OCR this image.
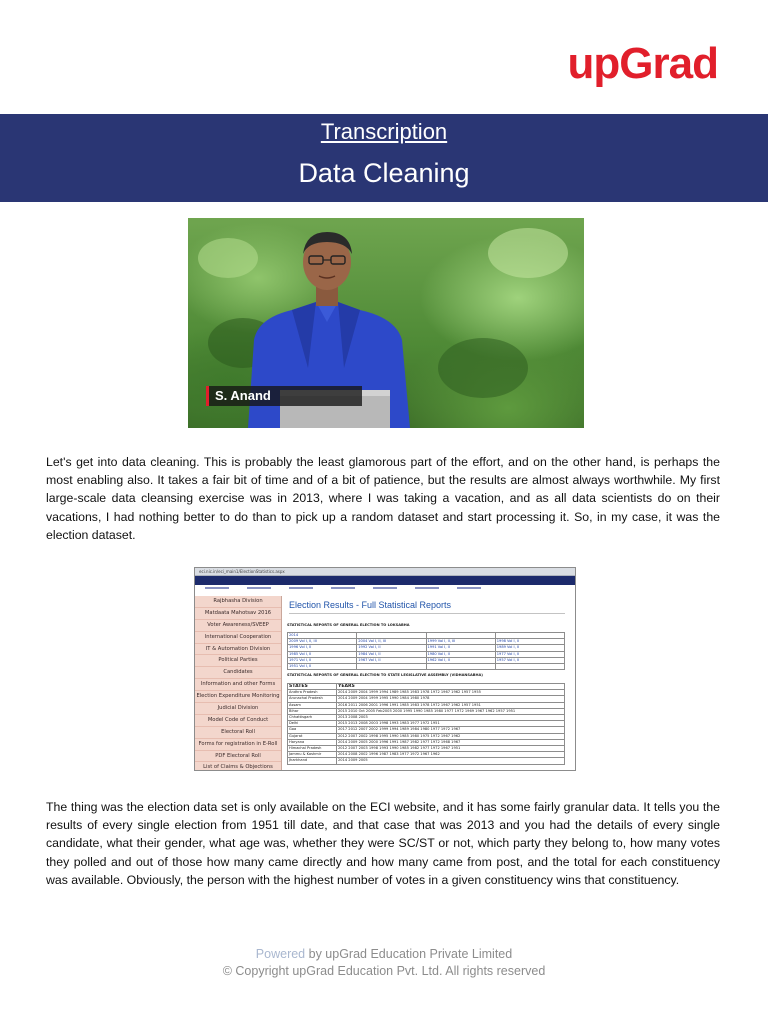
upGrad
Transcription
Data Cleaning
S. Anand

Let's get into data cleaning. This is probably the least glamorous part of the effort, and on the other hand, is perhaps the most enabling also. It takes a fair bit of time and of a bit of patience, but the results are almost always worthwhile. My first large-scale data cleansing exercise was in 2013, where I was taking a vacation, and as all data scientists do on their vacations, I had nothing better to do than to pick up a random dataset and start processing it. So, in my case, it was the election dataset.

eci.nic.in/eci_main1/ElectionStatistics.aspx
Rajbhasha Division
Matdaata Mahotsav 2016
Voter Awareness/SVEEP
International Cooperation
IT & Automation Division
Political Parties
Candidates
Information and other Forms
Election Expenditure Monitoring
Judicial Division
Model Code of Conduct
Electoral Roll
Forms for registration in E-Roll
PDF Electoral Roll
List of Claims & Objections
Election Results - Full Statistical Reports
STATISTICAL REPORTS OF GENERAL ELECTION TO LOKSABHA
2014			
2009 Vol I, II, III	2004 Vol I, II, III	1999 Vol I, II, III	1998 Vol I, II
1996 Vol I, II	1992 Vol I, II	1991 Vol I, II	1989 Vol I, II
1985 Vol I, II	1984 Vol I, II	1980 Vol I, II	1977 Vol I, II
1971 Vol I, II	1967 Vol I, II	1962 Vol I, II	1957 Vol I, II
1951 Vol I, II			
STATISTICAL REPORTS OF GENERAL ELECTION TO STATE LEGISLATIVE ASSEMBLY (VIDHANSABHA)
STATES	YEARS
Andhra Pradesh	2014 2009 2004 1999 1994 1989 1985 1983 1978 1972 1967 1962 1957 1955
Arunachal Pradesh	2014 2009 2004 1999 1995 1990 1984 1980 1978
Assam	2016 2011 2006 2001 1996 1991 1985 1983 1978 1972 1967 1962 1957 1951
Bihar	2015 2010 Oct 2005 Feb2005 2000 1995 1990 1985 1980 1977 1972 1969 1967 1962 1957 1951
Chhattisgarh	2013 2008 2003
Delhi	2015 2013 2008 2003 1998 1993 1983 1977 1972 1951
Goa	2017 2012 2007 2002 1999 1994 1989 1984 1980 1977 1972 1967
Gujarat	2012 2007 2002 1998 1995 1990 1985 1980 1975 1972 1967 1962
Haryana	2014 2009 2005 2000 1996 1991 1987 1982 1977 1972 1968 1967
Himachal Pradesh	2012 2007 2003 1998 1993 1990 1985 1982 1977 1972 1967 1951
Jammu & Kashmir	2014 2008 2002 1996 1987 1983 1977 1972 1967 1962
Jharkhand	2014 2009 2005

The thing was the election data set is only available on the ECI website, and it has some fairly granular data. It tells you the results of every single election from 1951 till date, and that case that was 2013 and you had the details of every single candidate, what their gender, what age was, whether they were SC/ST or not, which party they belong to, how many votes they polled and out of those how many came directly and how many came from post, and the total for each constituency was available. Obviously, the person with the highest number of votes in a given constituency wins that constituency.

Powered by upGrad Education Private Limited
© Copyright upGrad Education Pvt. Ltd. All rights reserved
